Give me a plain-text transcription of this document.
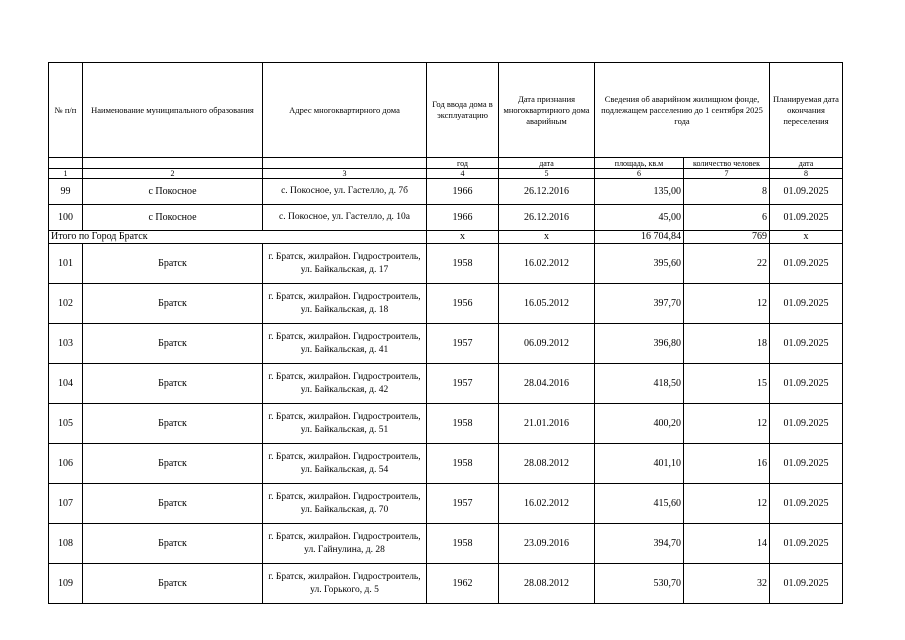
№ п/п	Наименование муниципального образования	Адрес многоквартирного дома	Год ввода дома в эксплуатацию	Дата признания многоквартирного дома аварийным	Сведения об аварийном жилищном фонде, подлежащем расселению до 1 сентября 2025 года		Планируемая дата окончания переселения
			год	дата	площадь, кв.м	количество человек	дата
1	2	3	4	5	6	7	8
99	с Покосное	с. Покосное, ул. Гастелло, д. 7б	1966	26.12.2016	135,00	8	01.09.2025
100	с Покосное	с. Покосное, ул. Гастелло, д. 10а	1966	26.12.2016	45,00	6	01.09.2025
Итого по Город Братск			x	x	16 704,84	769	x
101	Братск	г. Братск, жилрайон. Гидростроитель, ул. Байкальская, д. 17	1958	16.02.2012	395,60	22	01.09.2025
102	Братск	г. Братск, жилрайон. Гидростроитель, ул. Байкальская, д. 18	1956	16.05.2012	397,70	12	01.09.2025
103	Братск	г. Братск, жилрайон. Гидростроитель, ул. Байкальская, д. 41	1957	06.09.2012	396,80	18	01.09.2025
104	Братск	г. Братск, жилрайон. Гидростроитель, ул. Байкальская, д. 42	1957	28.04.2016	418,50	15	01.09.2025
105	Братск	г. Братск, жилрайон. Гидростроитель, ул. Байкальская, д. 51	1958	21.01.2016	400,20	12	01.09.2025
106	Братск	г. Братск, жилрайон. Гидростроитель, ул. Байкальская, д. 54	1958	28.08.2012	401,10	16	01.09.2025
107	Братск	г. Братск, жилрайон. Гидростроитель, ул. Байкальская, д. 70	1957	16.02.2012	415,60	12	01.09.2025
108	Братск	г. Братск, жилрайон. Гидростроитель, ул. Гайнулина, д. 28	1958	23.09.2016	394,70	14	01.09.2025
109	Братск	г. Братск, жилрайон. Гидростроитель, ул. Горького, д. 5	1962	28.08.2012	530,70	32	01.09.2025
